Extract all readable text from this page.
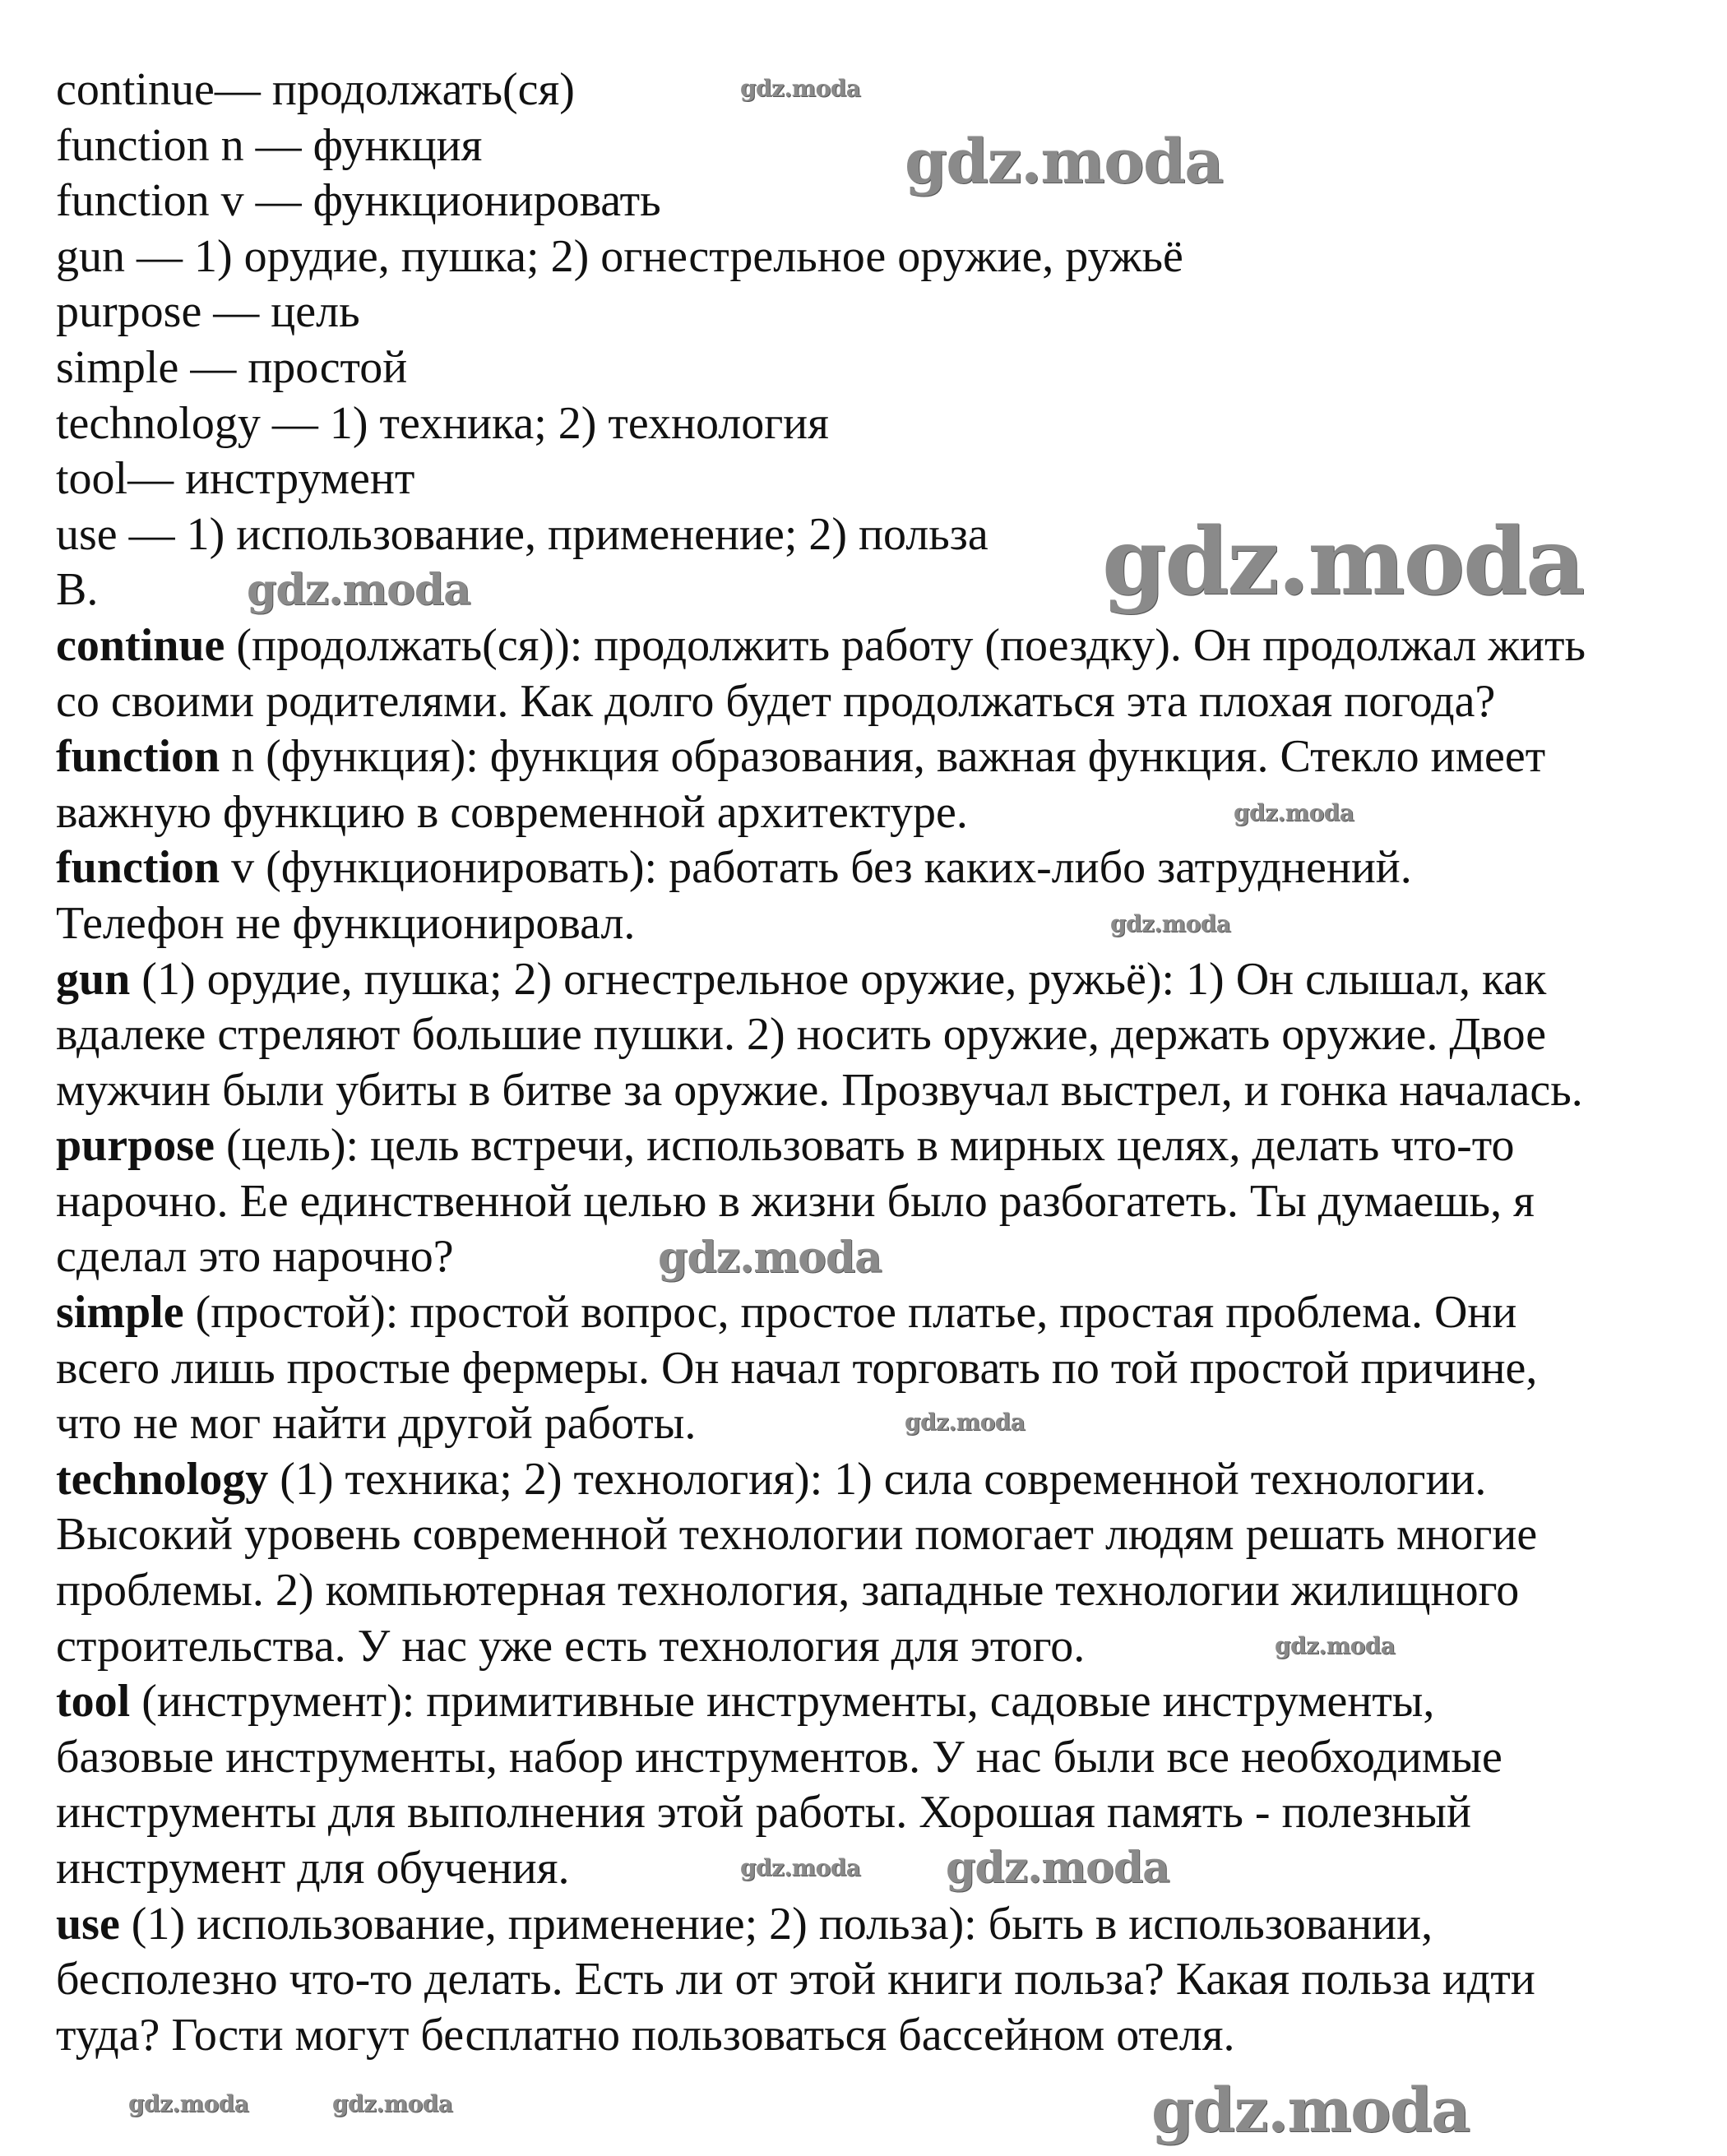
continue— продолжать(ся)
function n — функция
function v — функционировать
gun — 1) орудие, пушка; 2) огнестрельное оружие, ружьё
purpose — цель
simple — простой
technology — 1) техника; 2) технология
tool— инструмент
use — 1) использование, применение; 2) польза
B.
continue (продолжать(ся)): продолжить работу (поездку). Он продолжал жить
со своими родителями. Как долго будет продолжаться эта плохая погода?
function n (функция): функция образования, важная функция. Стекло имеет
важную функцию в современной архитектуре.
function v (функционировать): работать без каких-либо затруднений.
Телефон не функционировал.
gun (1) орудие, пушка; 2) огнестрельное оружие, ружьё): 1) Он слышал, как
вдалеке стреляют большие пушки. 2) носить оружие, держать оружие. Двое
мужчин были убиты в битве за оружие. Прозвучал выстрел, и гонка началась.
purpose (цель): цель встречи, использовать в мирных целях, делать что-то
нарочно. Ее единственной целью в жизни было разбогатеть. Ты думаешь, я
сделал это нарочно?
simple (простой): простой вопрос, простое платье, простая проблема. Они
всего лишь простые фермеры. Он начал торговать по той простой причине,
что не мог найти другой работы.
technology (1) техника; 2) технология): 1) сила современной технологии.
Высокий уровень современной технологии помогает людям решать многие
проблемы. 2) компьютерная технология, западные технологии жилищного
строительства. У нас уже есть технология для этого.
tool (инструмент): примитивные инструменты, садовые инструменты,
базовые инструменты, набор инструментов. У нас были все необходимые
инструменты для выполнения этой работы. Хорошая память - полезный
инструмент для обучения.
use (1) использование, применение; 2) польза): быть в использовании,
бесполезно что-то делать. Есть ли от этой книги польза? Какая польза идти
туда? Гости могут бесплатно пользоваться бассейном отеля.
gdz.moda
gdz.moda
gdz.moda
gdz.moda
gdz.moda
gdz.moda
gdz.moda
gdz.moda
gdz.moda
gdz.moda gdz.moda
gdz.moda
gdz.moda	gdz.moda
